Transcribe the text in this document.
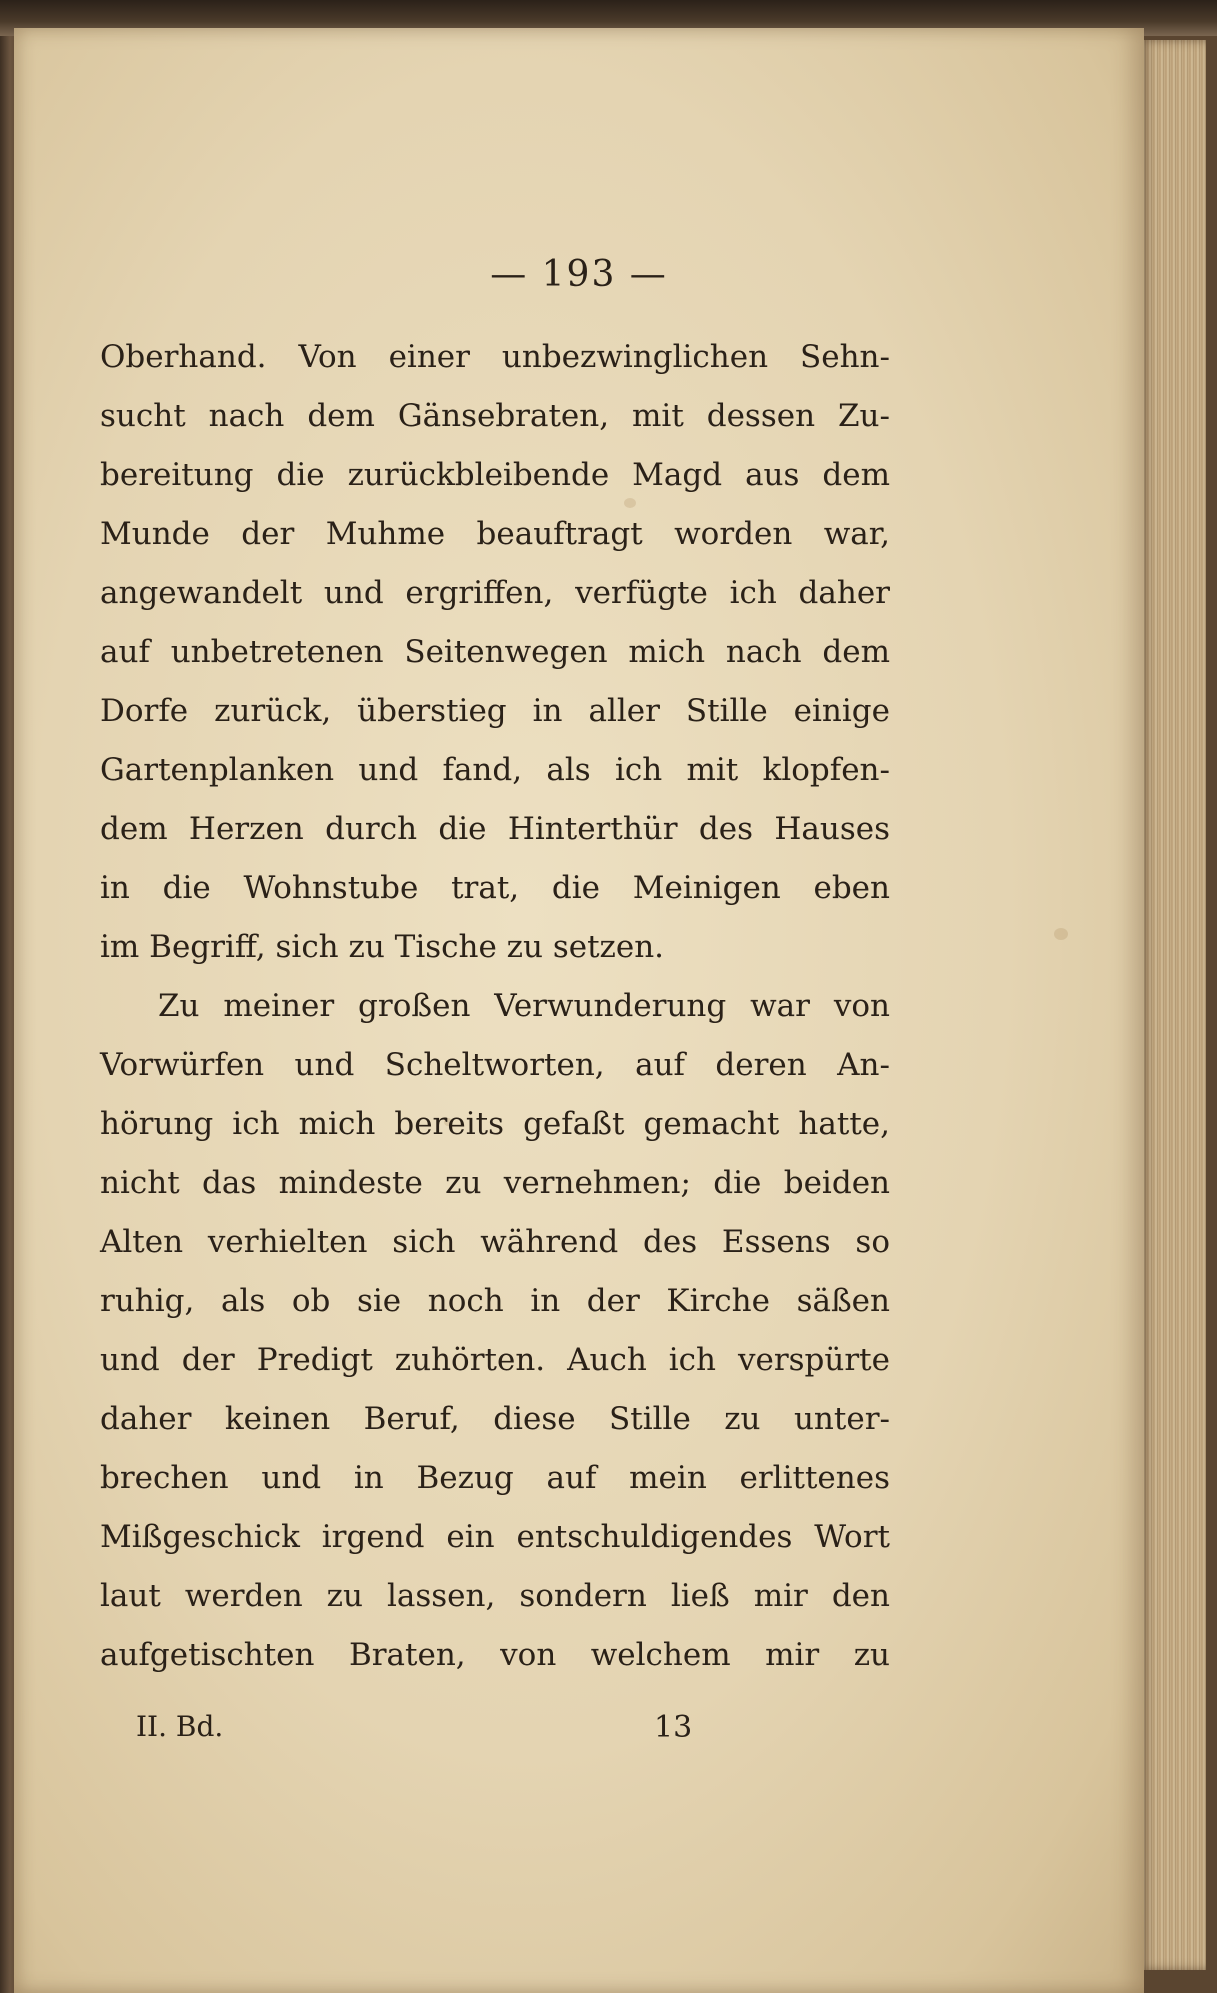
— 193 —
Oberhand. Von einer unbezwinglichen Sehn-
sucht nach dem Gänsebraten, mit dessen Zu-
bereitung die zurückbleibende Magd aus dem
Munde der Muhme beauftragt worden war,
angewandelt und ergriffen, verfügte ich daher
auf unbetretenen Seitenwegen mich nach dem
Dorfe zurück, überstieg in aller Stille einige
Gartenplanken und fand, als ich mit klopfen-
dem Herzen durch die Hinterthür des Hauses
in die Wohnstube trat, die Meinigen eben
im Begriff, sich zu Tische zu setzen.
Zu meiner großen Verwunderung war von
Vorwürfen und Scheltworten, auf deren An-
hörung ich mich bereits gefaßt gemacht hatte,
nicht das mindeste zu vernehmen; die beiden
Alten verhielten sich während des Essens so
ruhig, als ob sie noch in der Kirche säßen
und der Predigt zuhörten. Auch ich verspürte
daher keinen Beruf, diese Stille zu unter-
brechen und in Bezug auf mein erlittenes
Mißgeschick irgend ein entschuldigendes Wort
laut werden zu lassen, sondern ließ mir den
aufgetischten Braten, von welchem mir zu
II. Bd.	13
